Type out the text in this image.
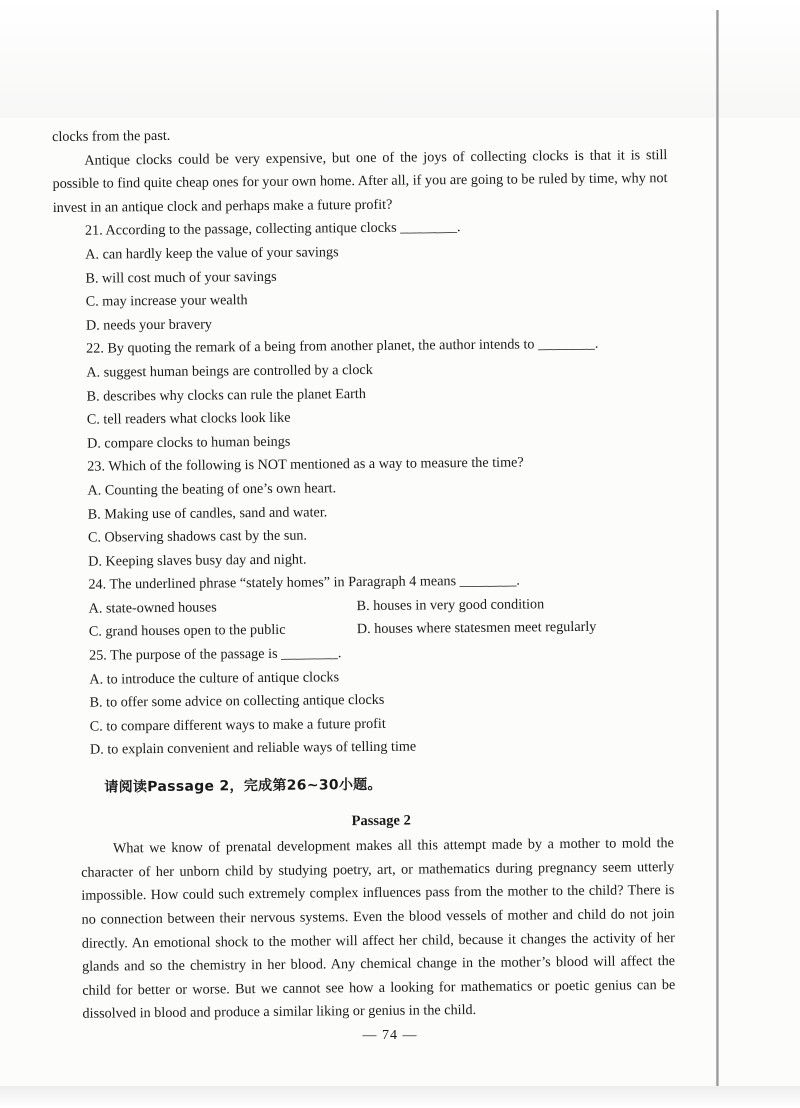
clocks from the past.

Antique clocks could be very expensive, but one of the joys of collecting clocks is that it is still possible to find quite cheap ones for your own home. After all, if you are going to be ruled by time, why not invest in an antique clock and perhaps make a future profit?

21. According to the passage, collecting antique clocks ________.

A. can hardly keep the value of your savings

B. will cost much of your savings

C. may increase your wealth

D. needs your bravery

22. By quoting the remark of a being from another planet, the author intends to ________.

A. suggest human beings are controlled by a clock

B. describes why clocks can rule the planet Earth

C. tell readers what clocks look like

D. compare clocks to human beings

23. Which of the following is NOT mentioned as a way to measure the time?

A. Counting the beating of one’s own heart.

B. Making use of candles, sand and water.

C. Observing shadows cast by the sun.

D. Keeping slaves busy day and night.

24. The underlined phrase “stately homes” in Paragraph 4 means ________.

A. state-owned houses	B. houses in very good condition
C. grand houses open to the public	D. houses where statesmen meet regularly

25. The purpose of the passage is ________.

A. to introduce the culture of antique clocks

B. to offer some advice on collecting antique clocks

C. to compare different ways to make a future profit

D. to explain convenient and reliable ways of telling time

请阅读Passage 2，完成第26~30小题。

Passage 2

What we know of prenatal development makes all this attempt made by a mother to mold the character of her unborn child by studying poetry, art, or mathematics during pregnancy seem utterly impossible. How could such extremely complex influences pass from the mother to the child? There is no connection between their nervous systems. Even the blood vessels of mother and child do not join directly. An emotional shock to the mother will affect her child, because it changes the activity of her glands and so the chemistry in her blood. Any chemical change in the mother’s blood will affect the child for better or worse. But we cannot see how a looking for mathematics or poetic genius can be dissolved in blood and produce a similar liking or genius in the child.

— 74 —
